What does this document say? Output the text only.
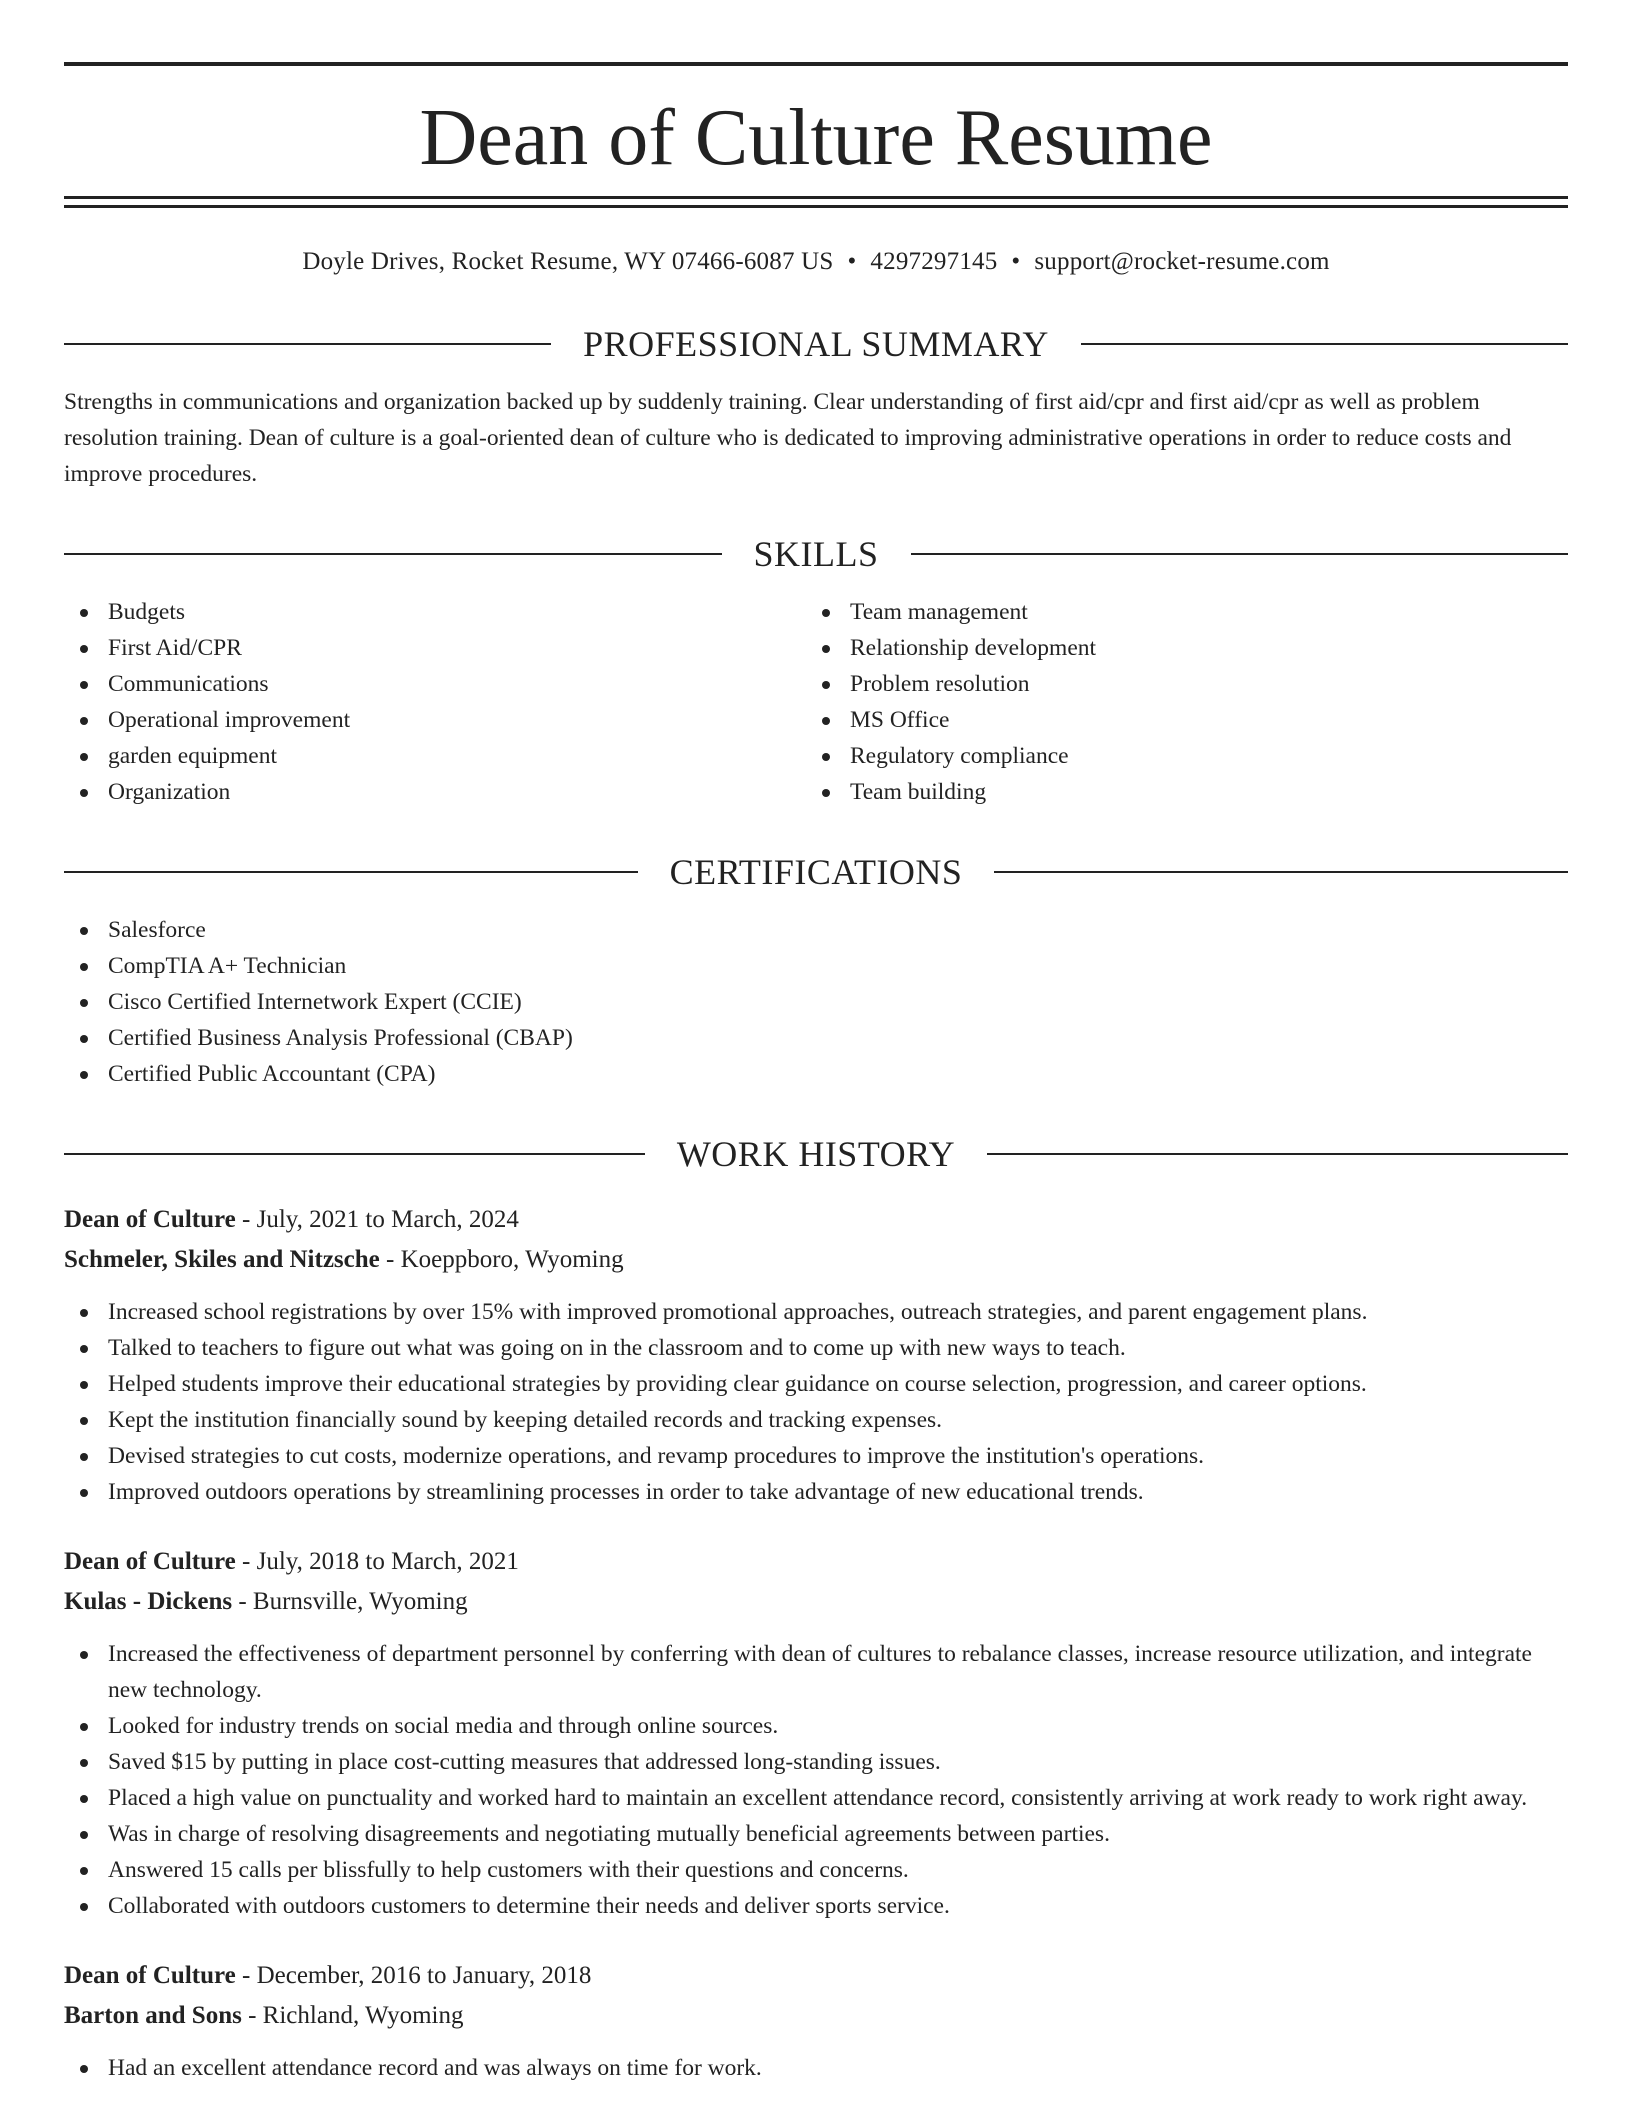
Dean of Culture Resume
Doyle Drives, Rocket Resume, WY 07466-6087 US • 4297297145 • support@rocket-resume.com
PROFESSIONAL SUMMARY
Strengths in communications and organization backed up by suddenly training. Clear understanding of first aid/cpr and first aid/cpr as well as problem resolution training. Dean of culture is a goal-oriented dean of culture who is dedicated to improving administrative operations in order to reduce costs and improve procedures.
SKILLS
Budgets
First Aid/CPR
Communications
Operational improvement
garden equipment
Organization
Team management
Relationship development
Problem resolution
MS Office
Regulatory compliance
Team building
CERTIFICATIONS
Salesforce
CompTIA A+ Technician
Cisco Certified Internetwork Expert (CCIE)
Certified Business Analysis Professional (CBAP)
Certified Public Accountant (CPA)
WORK HISTORY
Dean of Culture - July, 2021 to March, 2024
Schmeler, Skiles and Nitzsche - Koeppboro, Wyoming
Increased school registrations by over 15% with improved promotional approaches, outreach strategies, and parent engagement plans.
Talked to teachers to figure out what was going on in the classroom and to come up with new ways to teach.
Helped students improve their educational strategies by providing clear guidance on course selection, progression, and career options.
Kept the institution financially sound by keeping detailed records and tracking expenses.
Devised strategies to cut costs, modernize operations, and revamp procedures to improve the institution's operations.
Improved outdoors operations by streamlining processes in order to take advantage of new educational trends.
Dean of Culture - July, 2018 to March, 2021
Kulas - Dickens - Burnsville, Wyoming
Increased the effectiveness of department personnel by conferring with dean of cultures to rebalance classes, increase resource utilization, and integrate new technology.
Looked for industry trends on social media and through online sources.
Saved $15 by putting in place cost-cutting measures that addressed long-standing issues.
Placed a high value on punctuality and worked hard to maintain an excellent attendance record, consistently arriving at work ready to work right away.
Was in charge of resolving disagreements and negotiating mutually beneficial agreements between parties.
Answered 15 calls per blissfully to help customers with their questions and concerns.
Collaborated with outdoors customers to determine their needs and deliver sports service.
Dean of Culture - December, 2016 to January, 2018
Barton and Sons - Richland, Wyoming
Had an excellent attendance record and was always on time for work.
